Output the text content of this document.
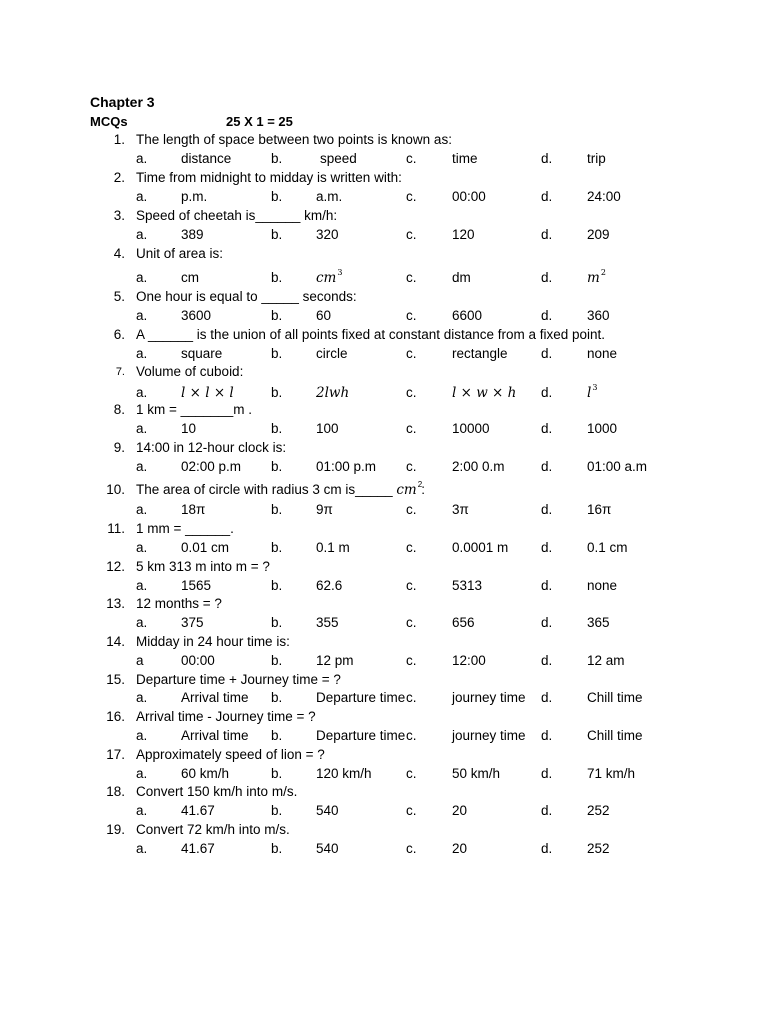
Chapter 3
MCQs	25 X 1 = 25
1. The length of space between two points is known as:
a. distance	b.	speed	c.	time	d.	trip
2. Time from midnight to midday is written with:
a. p.m.	b. a.m.	c.	00:00	d.	24:00
3. Speed of cheetah is______ km/h:
a. 389	b. 320	c.	120	d.	209
4. Unit of area is:
a. cm	b. $cm^3$	c.	dm	d.	$m^2$
5. One hour is equal to _____ seconds:
a. 3600	b. 60	c.	6600	d.	360
6. A ______ is the union of all points fixed at constant distance from a fixed point.
a. square	b. circle	c.	rectangle d.	none
7. Volume of cuboid:
a. l × l × l	b. 2lwh	c.	l × w × h d.	$l^3$
8. 1 km = _______m .
a. 10	b. 100	c.	10000	d.	1000
9. 14:00 in 12-hour clock is:
a. 02:00 p.m b. 01:00 p.m c.	2:00 0.m	d.	01:00 a.m
10. The area of circle with radius 3 cm is_____ $cm^2$:
a. 18π	b. 9π	c.	3π	d.	16π
11. 1 mm = ______.
a. 0.01 cm	b. 0.1 m	c.	0.0001 m d.	0.1 cm
12. 5 km 313 m into m = ?
a. 1565	b. 62.6	c.	5313	d.	none
13. 12 months = ?
a. 375	b. 355	c.	656	d.	365
14. Midday in 24 hour time is:
a	00:00	b. 12 pm	c.	12:00	d.	12 am
15. Departure time + Journey time = ?
a. Arrival time b. Departure time c.	journey time d.	Chill time
16. Arrival time - Journey time = ?
a. Arrival time b. Departure time c.	journey time d.	Chill time
17. Approximately speed of lion = ?
a. 60 km/h	b. 120 km/h	c.	50 km/h	d.	71 km/h
18. Convert 150 km/h into m/s.
a. 41.67	b. 540	c.	20	d.	252
19. Convert 72 km/h into m/s.
a. 41.67	b. 540	c.	20	d.	252
